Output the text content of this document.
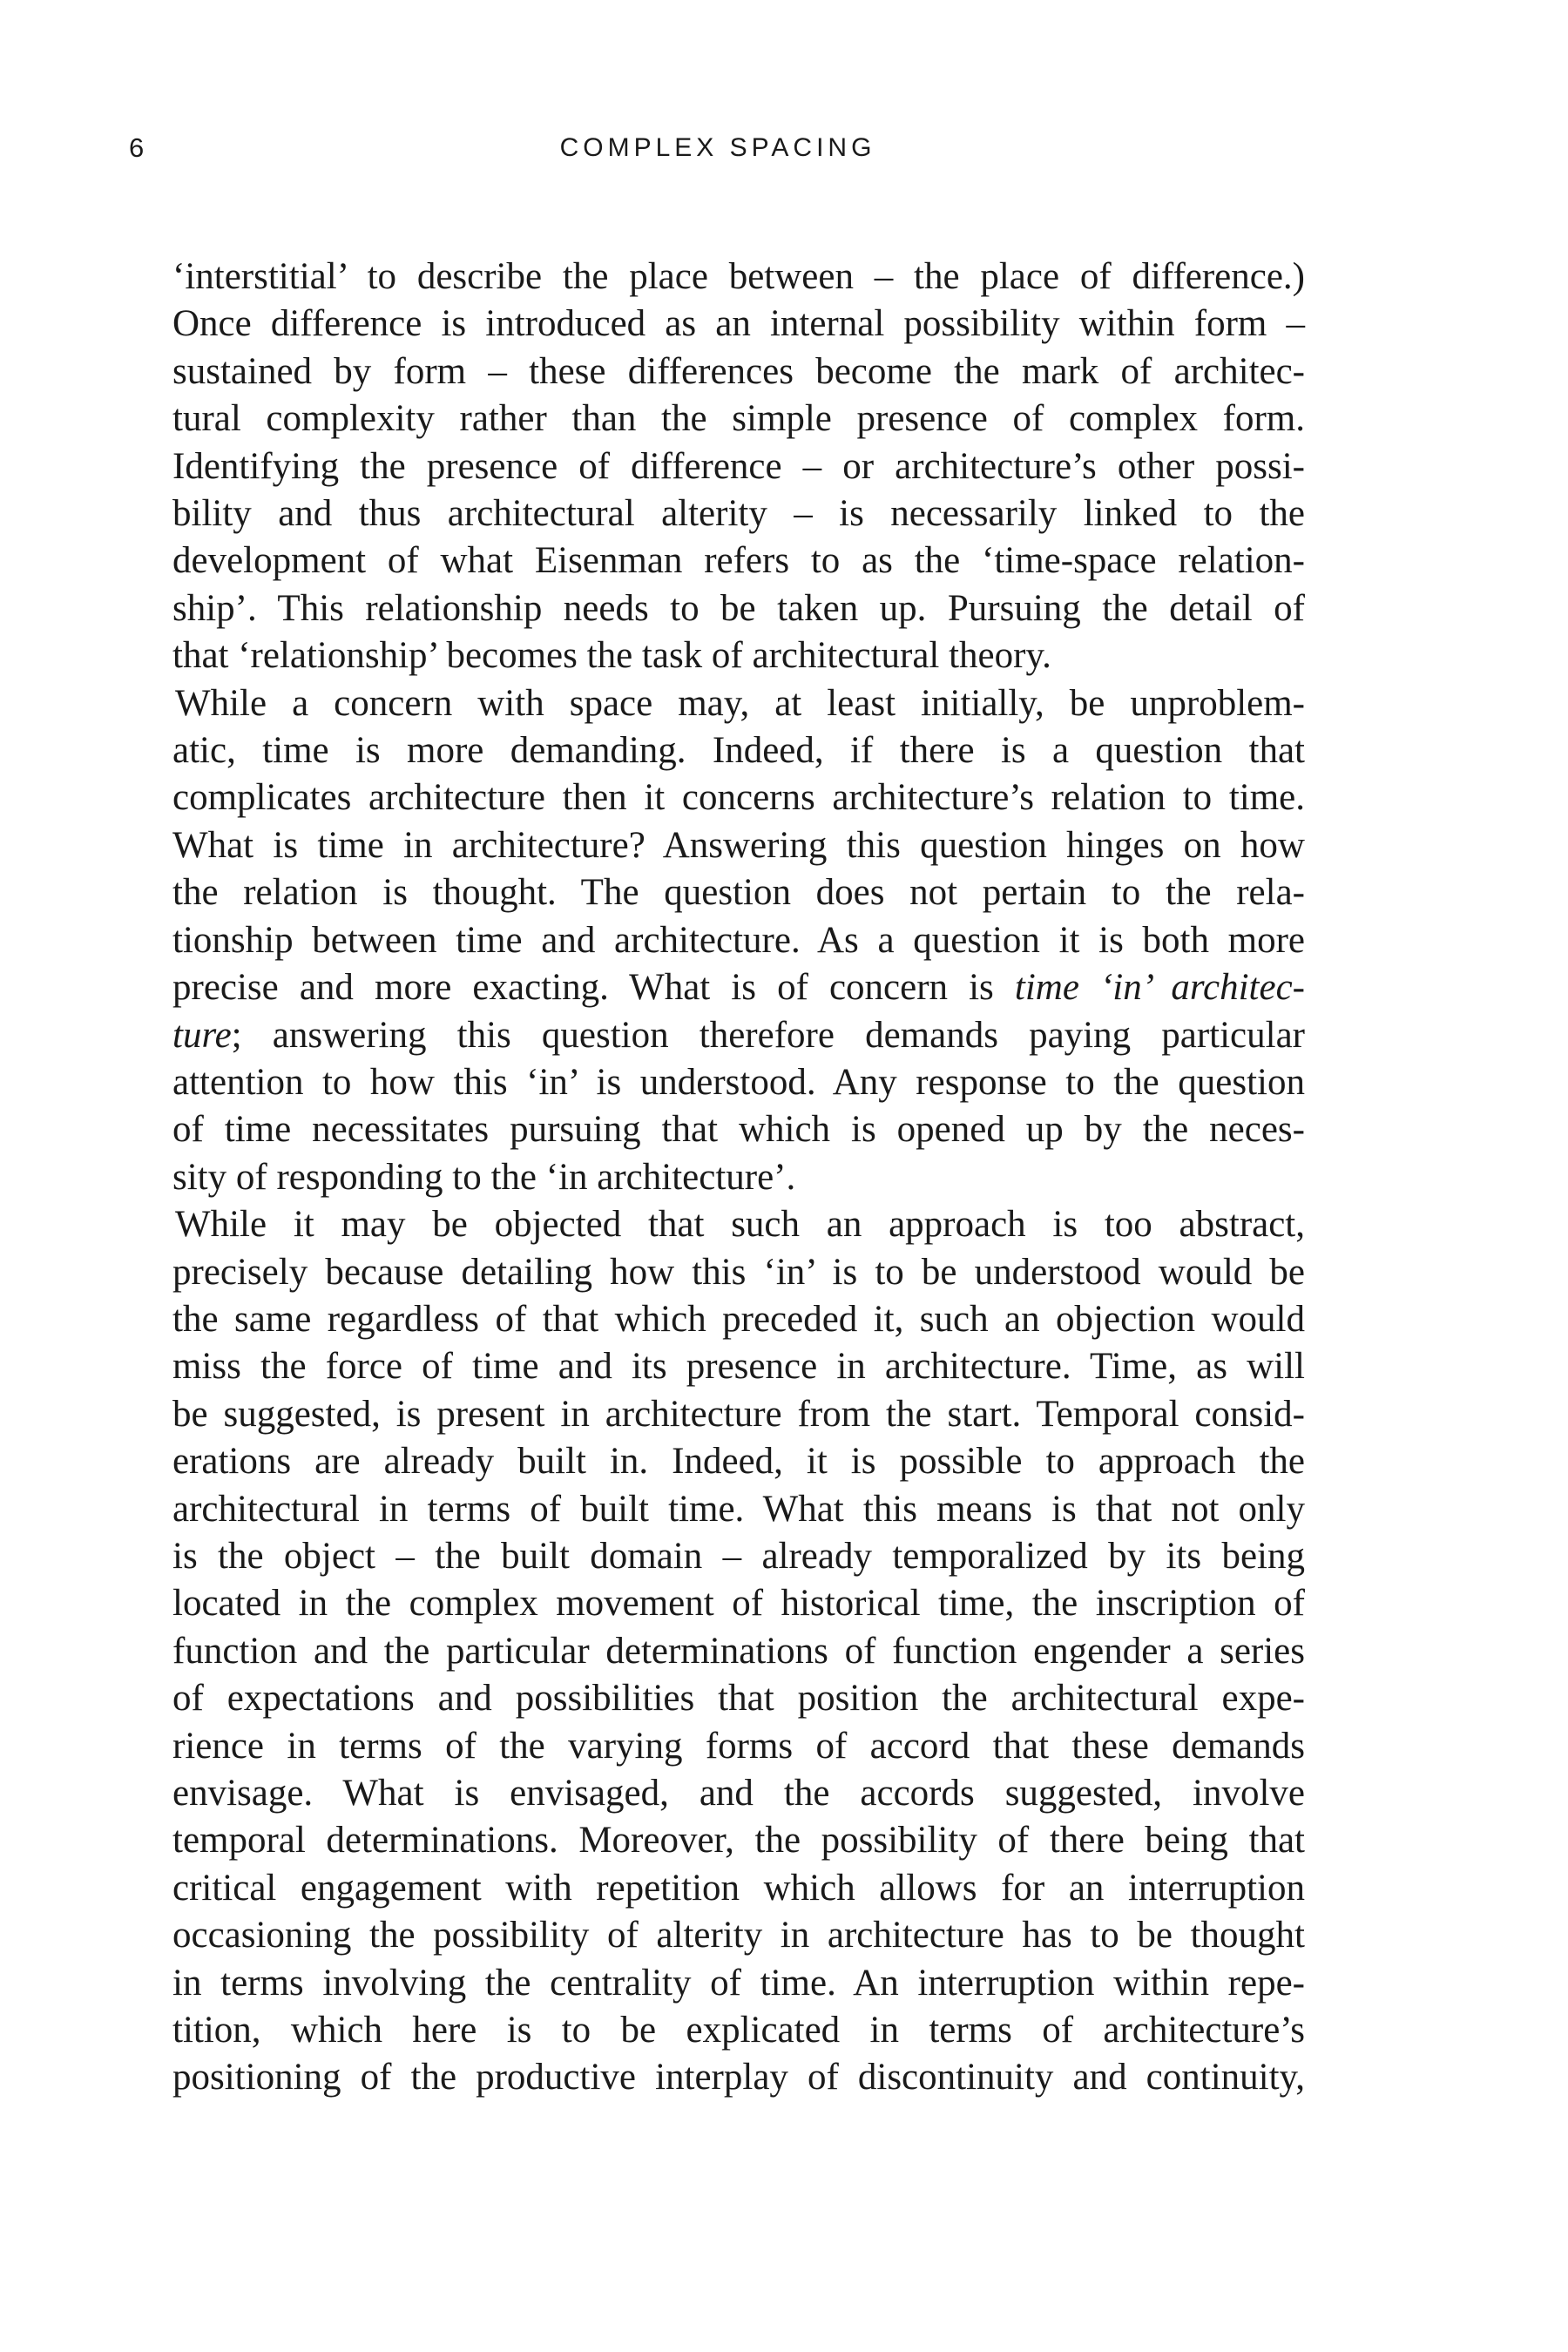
6	COMPLEX SPACING

‘interstitial’ to describe the place between – the place of difference.)
Once difference is introduced as an internal possibility within form –
sustained by form – these differences become the mark of architec-
tural complexity rather than the simple presence of complex form.
Identifying the presence of difference – or architecture’s other possi-
bility and thus architectural alterity – is necessarily linked to the
development of what Eisenman refers to as the ‘time-space relation-
ship’. This relationship needs to be taken up. Pursuing the detail of
that ‘relationship’ becomes the task of architectural theory.

While a concern with space may, at least initially, be unproblem-
atic, time is more demanding. Indeed, if there is a question that
complicates architecture then it concerns architecture’s relation to time.
What is time in architecture? Answering this question hinges on how
the relation is thought. The question does not pertain to the rela-
tionship between time and architecture. As a question it is both more
precise and more exacting. What is of concern is time ‘in’ architec-
ture; answering this question therefore demands paying particular
attention to how this ‘in’ is understood. Any response to the question
of time necessitates pursuing that which is opened up by the neces-
sity of responding to the ‘in architecture’.

While it may be objected that such an approach is too abstract,
precisely because detailing how this ‘in’ is to be understood would be
the same regardless of that which preceded it, such an objection would
miss the force of time and its presence in architecture. Time, as will
be suggested, is present in architecture from the start. Temporal consid-
erations are already built in. Indeed, it is possible to approach the
architectural in terms of built time. What this means is that not only
is the object – the built domain – already temporalized by its being
located in the complex movement of historical time, the inscription of
function and the particular determinations of function engender a series
of expectations and possibilities that position the architectural expe-
rience in terms of the varying forms of accord that these demands
envisage. What is envisaged, and the accords suggested, involve
temporal determinations. Moreover, the possibility of there being that
critical engagement with repetition which allows for an interruption
occasioning the possibility of alterity in architecture has to be thought
in terms involving the centrality of time. An interruption within repe-
tition, which here is to be explicated in terms of architecture’s
positioning of the productive interplay of discontinuity and continuity,
